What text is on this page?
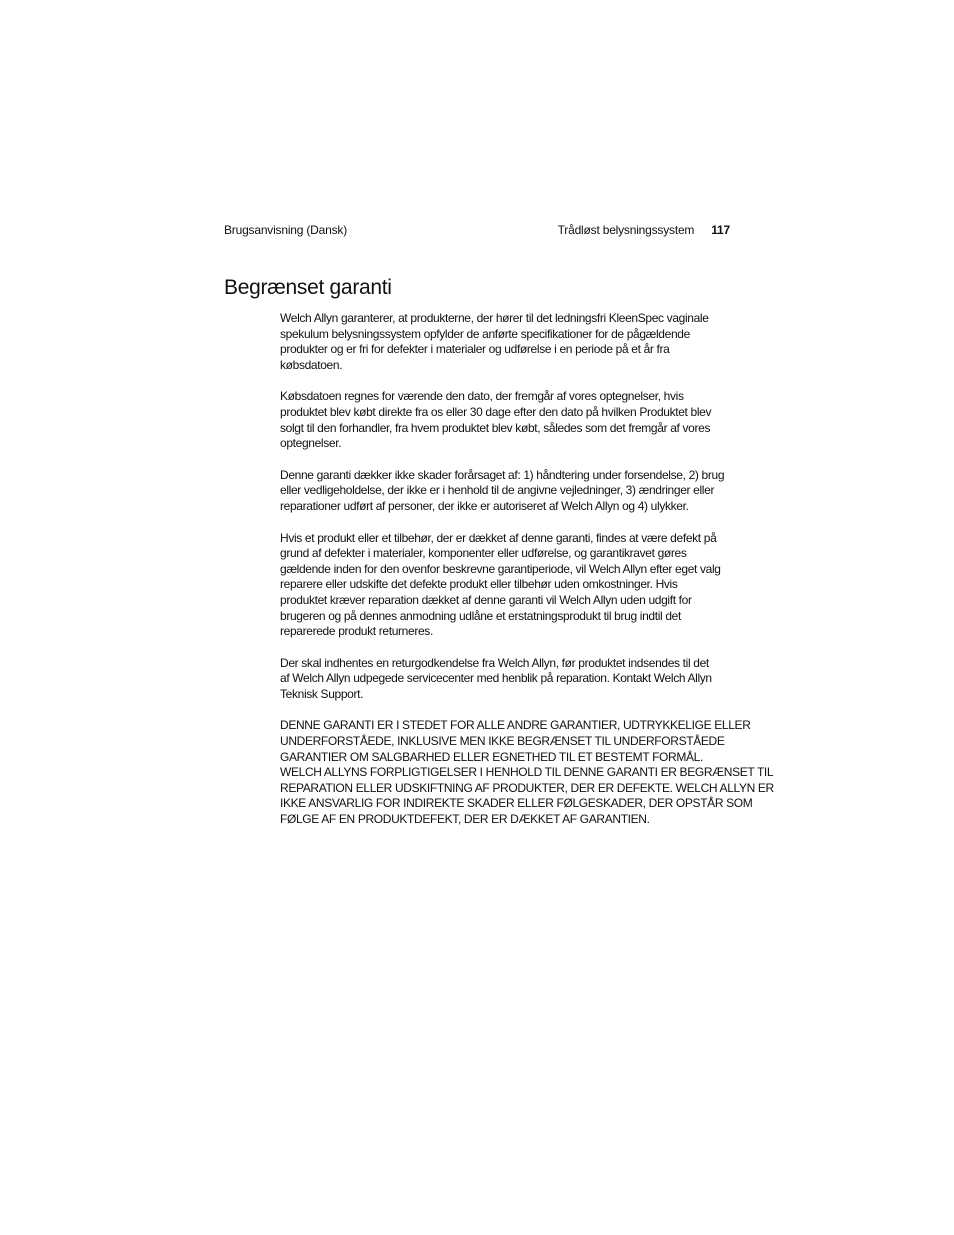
Brugsanvisning (Dansk)	Trådløst belysningssystem 117
Begrænset garanti

Welch Allyn garanterer, at produkterne, der hører til det ledningsfri KleenSpec vaginale
spekulum belysningssystem opfylder de anførte specifikationer for de pågældende
produkter og er fri for defekter i materialer og udførelse i en periode på et år fra
købsdatoen.

Købsdatoen regnes for værende den dato, der fremgår af vores optegnelser, hvis
produktet blev købt direkte fra os eller 30 dage efter den dato på hvilken Produktet blev
solgt til den forhandler, fra hvem produktet blev købt, således som det fremgår af vores
optegnelser.

Denne garanti dækker ikke skader forårsaget af: 1) håndtering under forsendelse, 2) brug
eller vedligeholdelse, der ikke er i henhold til de angivne vejledninger, 3) ændringer eller
reparationer udført af personer, der ikke er autoriseret af Welch Allyn og 4) ulykker.

Hvis et produkt eller et tilbehør, der er dækket af denne garanti, findes at være defekt på
grund af defekter i materialer, komponenter eller udførelse, og garantikravet gøres
gældende inden for den ovenfor beskrevne garantiperiode, vil Welch Allyn efter eget valg
reparere eller udskifte det defekte produkt eller tilbehør uden omkostninger. Hvis
produktet kræver reparation dækket af denne garanti vil Welch Allyn uden udgift for
brugeren og på dennes anmodning udlåne et erstatningsprodukt til brug indtil det
reparerede produkt returneres.

Der skal indhentes en returgodkendelse fra Welch Allyn, før produktet indsendes til det
af Welch Allyn udpegede servicecenter med henblik på reparation. Kontakt Welch Allyn
Teknisk Support.

DENNE GARANTI ER I STEDET FOR ALLE ANDRE GARANTIER, UDTRYKKELIGE ELLER
UNDERFORSTÅEDE, INKLUSIVE MEN IKKE BEGRÆNSET TIL UNDERFORSTÅEDE
GARANTIER OM SALGBARHED ELLER EGNETHED TIL ET BESTEMT FORMÅL.
WELCH ALLYNS FORPLIGTIGELSER I HENHOLD TIL DENNE GARANTI ER BEGRÆNSET TIL
REPARATION ELLER UDSKIFTNING AF PRODUKTER, DER ER DEFEKTE. WELCH ALLYN ER
IKKE ANSVARLIG FOR INDIREKTE SKADER ELLER FØLGESKADER, DER OPSTÅR SOM
FØLGE AF EN PRODUKTDEFEKT, DER ER DÆKKET AF GARANTIEN.
